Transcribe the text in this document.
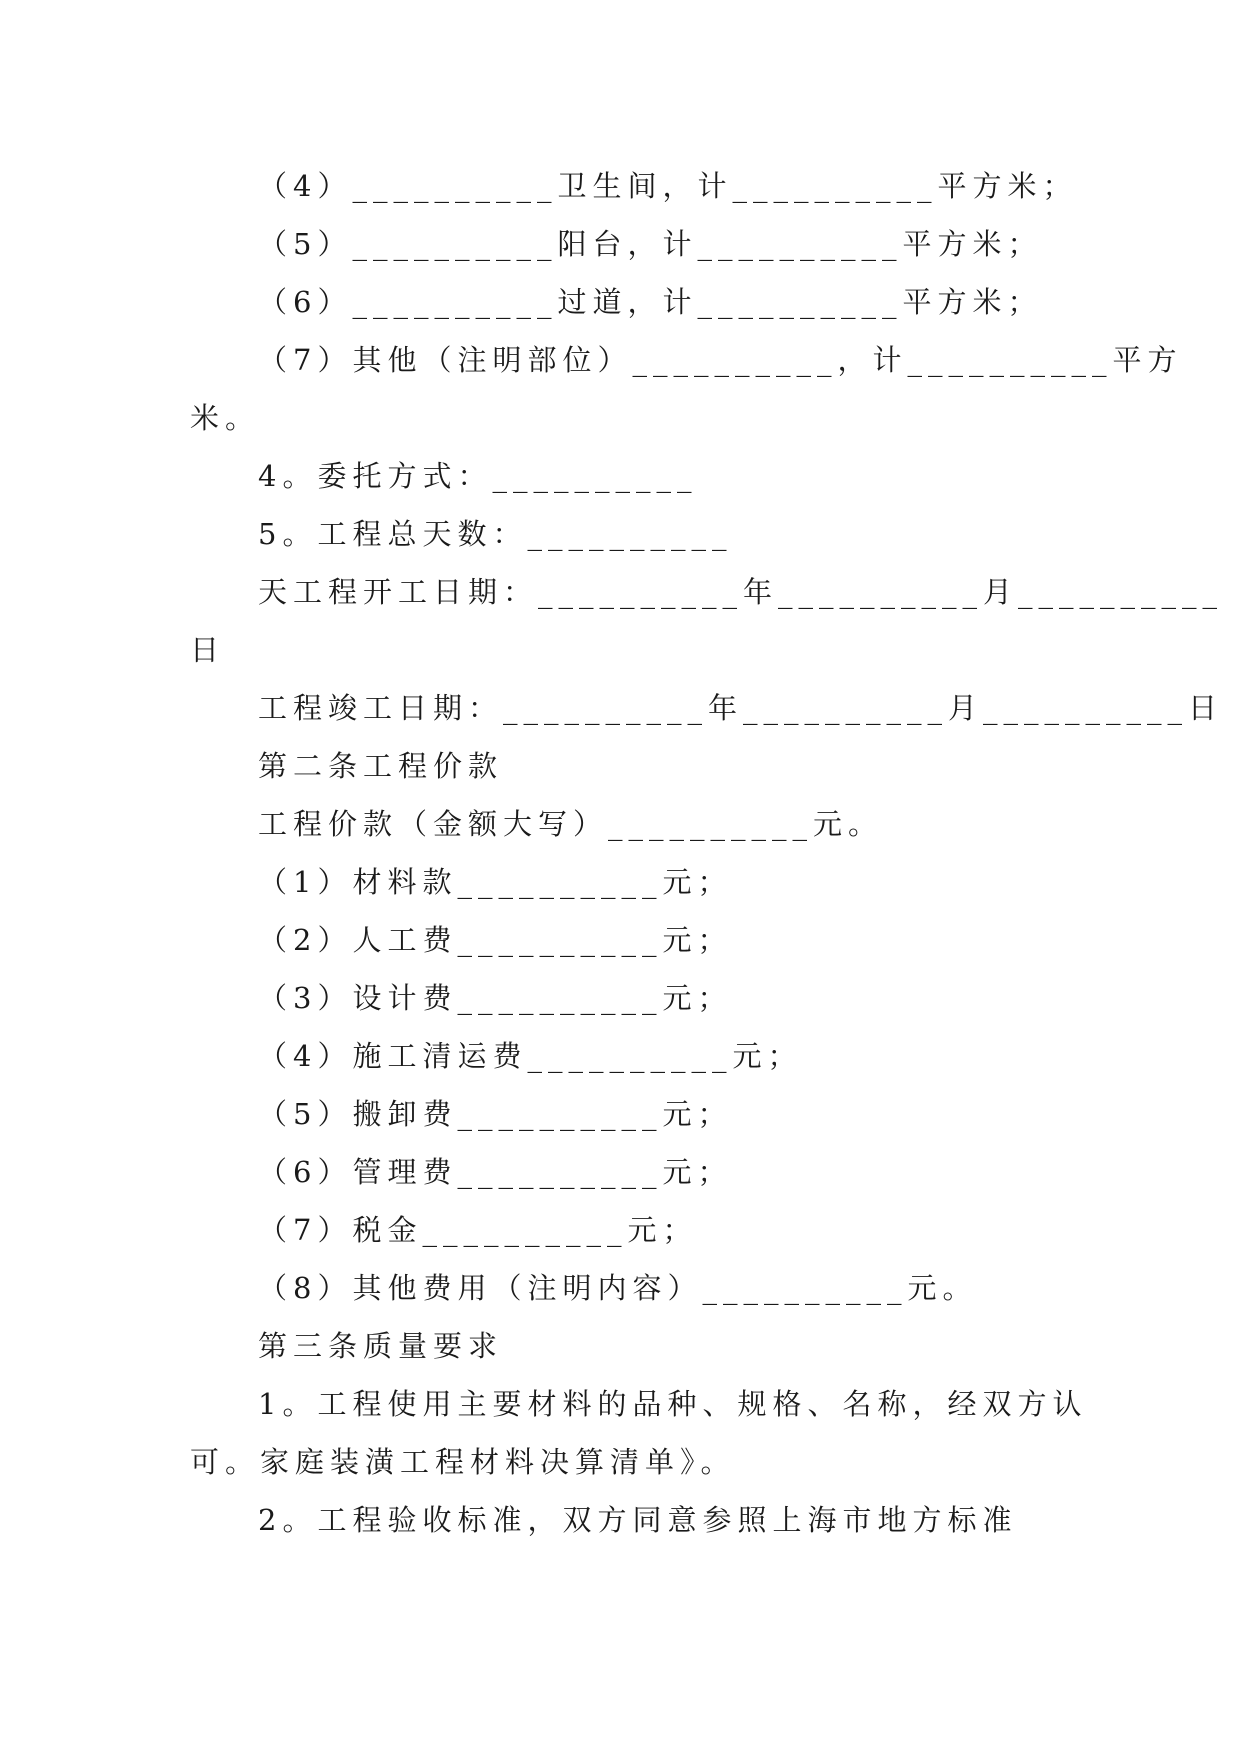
（4）__________卫生间，计__________平方米；
（5）__________阳台，计__________平方米；
（6）__________过道，计__________平方米；
（7）其他（注明部位）__________，计__________平方
米。
4。委托方式：__________
5。工程总天数：__________
天工程开工日期：__________年__________月__________
日
工程竣工日期：__________年__________月__________日
第二条工程价款
工程价款（金额大写）__________元。
（1）材料款__________元；
（2）人工费__________元；
（3）设计费__________元；
（4）施工清运费__________元；
（5）搬卸费__________元；
（6）管理费__________元；
（7）税金__________元；
（8）其他费用（注明内容）__________元。
第三条质量要求
1。工程使用主要材料的品种、规格、名称，经双方认
可。家庭装潢工程材料决算清单》。
2。工程验收标准，双方同意参照上海市地方标准
